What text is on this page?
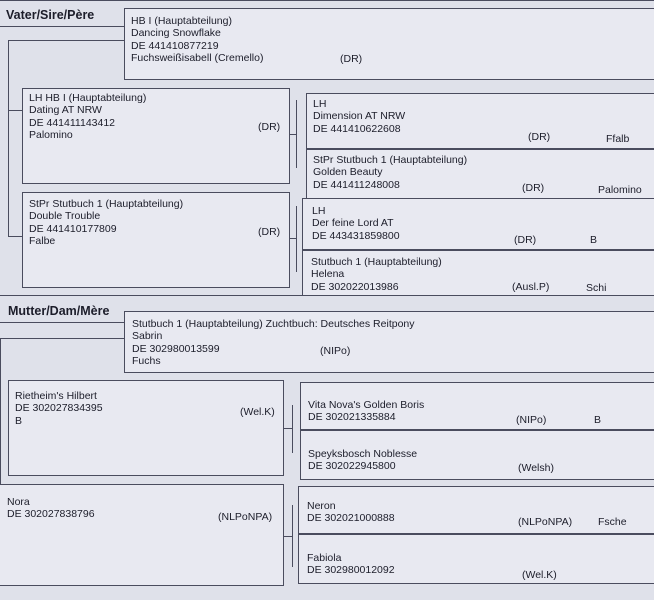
Vater/Sire/Père	HB I (Hauptabteilung)
Dancing Snowflake
DE 441410877219
Fuchsweißisabell (Cremello)	(DR)
LH HB I (Hauptabteilung)
Dating AT NRW
DE 441411143412
Palomino
(DR)
StPr Stutbuch 1 (Hauptabteilung)
Double Trouble
DE 441410177809
Falbe
(DR)
LH
Dimension AT NRW
DE 441410622608
(DR)	Ffalb
StPr Stutbuch 1 (Hauptabteilung)
Golden Beauty
DE 441411248008	(DR)	Palomino
LH
Der feine Lord AT
DE 443431859800	(DR)	B
Stutbuch 1 (Hauptabteilung)
Helena
DE 302022013986	(Ausl.P)	Schi
Mutter/Dam/Mère
Stutbuch 1 (Hauptabteilung) Zuchtbuch: Deutsches Reitpony
Sabrin
DE 302980013599
Fuchs
(NIPo)
Rietheim's Hilbert
DE 302027834395
B
(Wel.K)
Nora
DE 302027838796	(NLPoNPA)
Vita Nova's Golden Boris
DE 302021335884	(NIPo)	B
Speyksbosch Noblesse
DE 302022945800	(Welsh)
Neron
DE 302021000888	(NLPoNPA) Fsche
Fabiola
DE 302980012092	(Wel.K)
